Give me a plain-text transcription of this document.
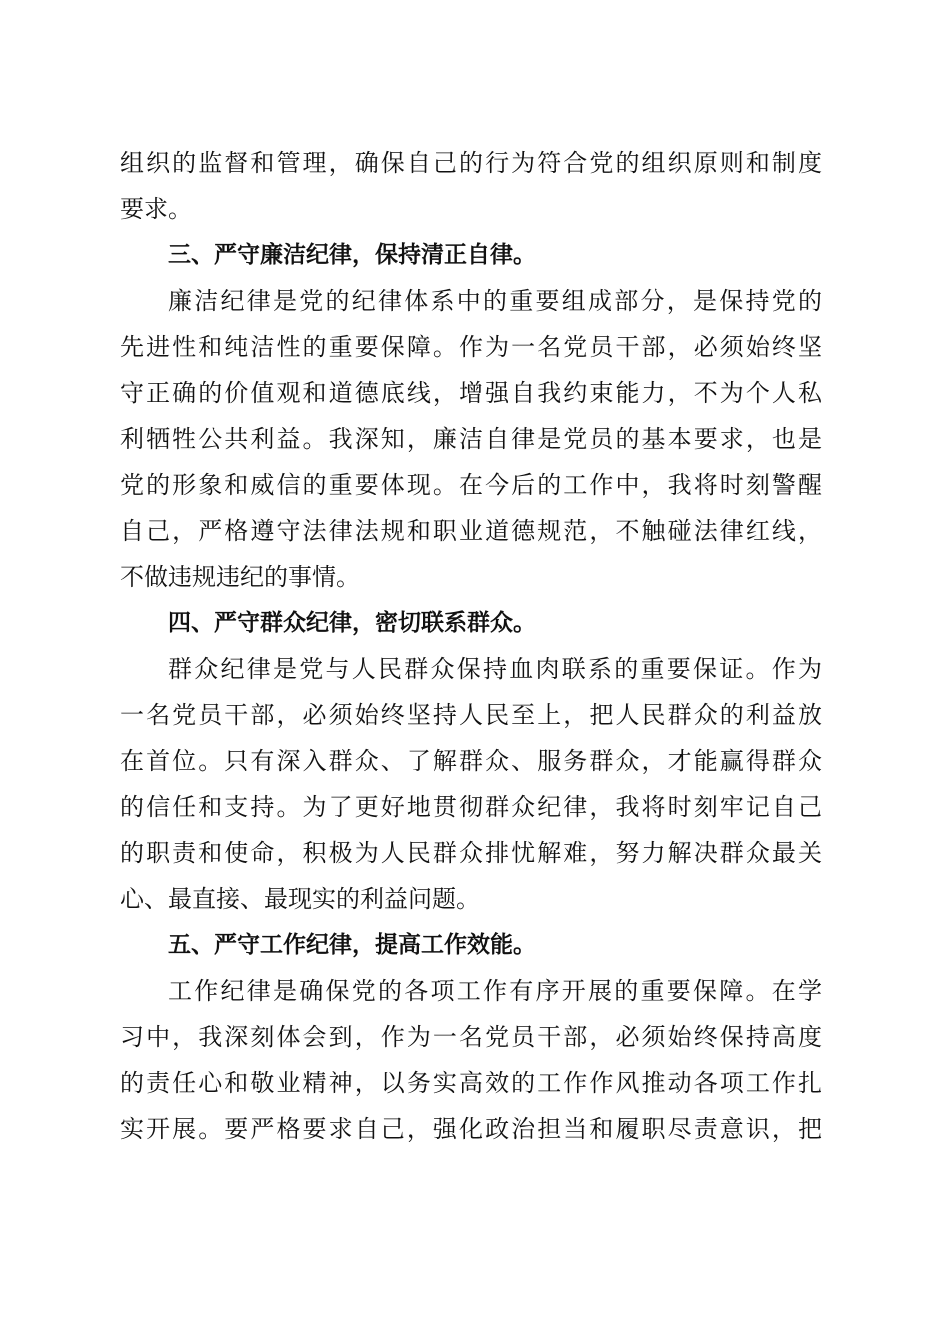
组织的监督和管理，确保自己的行为符合党的组织原则和制度
要求。
三、严守廉洁纪律，保持清正自律。
廉洁纪律是党的纪律体系中的重要组成部分，是保持党的
先进性和纯洁性的重要保障。作为一名党员干部，必须始终坚
守正确的价值观和道德底线，增强自我约束能力，不为个人私
利牺牲公共利益。我深知，廉洁自律是党员的基本要求，也是
党的形象和威信的重要体现。在今后的工作中，我将时刻警醒
自己，严格遵守法律法规和职业道德规范，不触碰法律红线，
不做违规违纪的事情。
四、严守群众纪律，密切联系群众。
群众纪律是党与人民群众保持血肉联系的重要保证。作为
一名党员干部，必须始终坚持人民至上，把人民群众的利益放
在首位。只有深入群众、了解群众、服务群众，才能赢得群众
的信任和支持。为了更好地贯彻群众纪律，我将时刻牢记自己
的职责和使命，积极为人民群众排忧解难，努力解决群众最关
心、最直接、最现实的利益问题。
五、严守工作纪律，提高工作效能。
工作纪律是确保党的各项工作有序开展的重要保障。在学
习中，我深刻体会到，作为一名党员干部，必须始终保持高度
的责任心和敬业精神，以务实高效的工作作风推动各项工作扎
实开展。要严格要求自己，强化政治担当和履职尽责意识，把
